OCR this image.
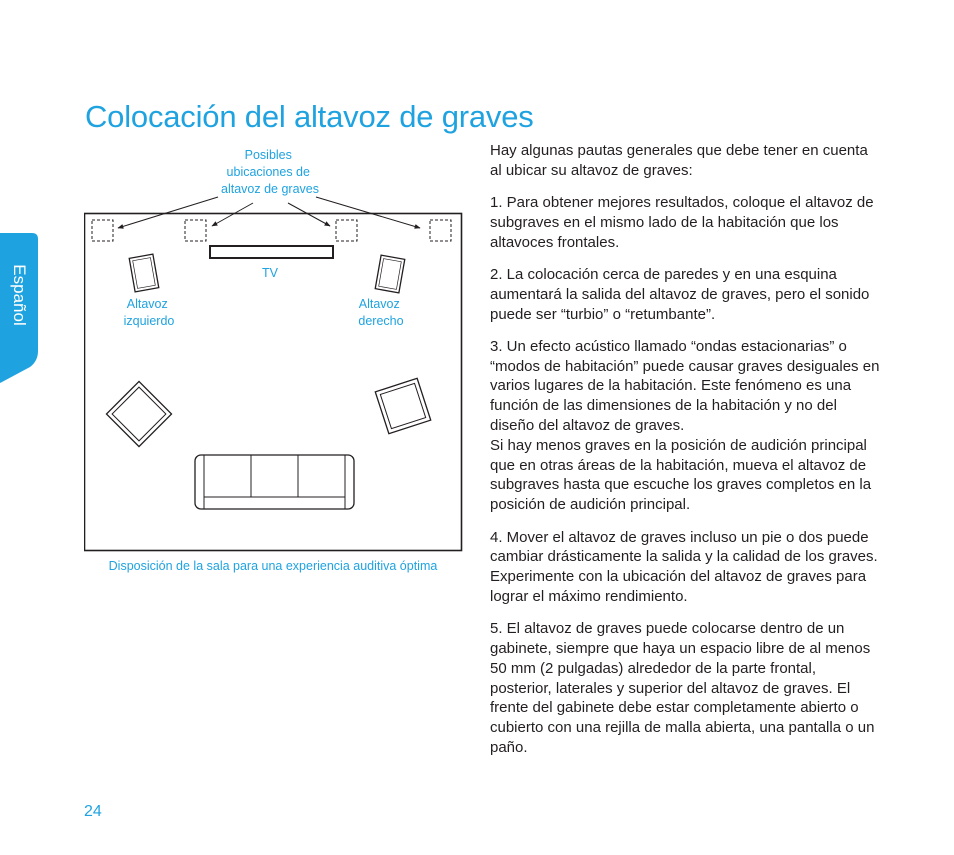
Español
Colocación del altavoz de graves
Posibles ubicaciones de altavoz de graves
TV
Altavoz izquierdo
Altavoz derecho
Disposición de la sala para una experiencia auditiva óptima

Hay algunas pautas generales que debe tener en cuenta al ubicar su altavoz de graves:

1. Para obtener mejores resultados, coloque el altavoz de subgraves en el mismo lado de la habitación que los altavoces frontales.

2. La colocación cerca de paredes y en una esquina aumentará la salida del altavoz de graves, pero el sonido puede ser “turbio” o “retumbante”.

3. Un efecto acústico llamado “ondas estacionarias” o “modos de habitación” puede causar graves desiguales en varios lugares de la habitación. Este fenómeno es una función de las dimensiones de la habitación y no del diseño del altavoz de graves.
Si hay menos graves en la posición de audición principal que en otras áreas de la habitación, mueva el altavoz de subgraves hasta que escuche los graves completos en la posición de audición principal.

4. Mover el altavoz de graves incluso un pie o dos puede cambiar drásticamente la salida y la calidad de los graves. Experimente con la ubicación del altavoz de graves para lograr el máximo rendimiento.

5. El altavoz de graves puede colocarse dentro de un gabinete, siempre que haya un espacio libre de al menos 50 mm (2 pulgadas) alrededor de la parte frontal, posterior, laterales y superior del altavoz de graves. El frente del gabinete debe estar completamente abierto o cubierto con una rejilla de malla abierta, una pantalla o un paño.

24
